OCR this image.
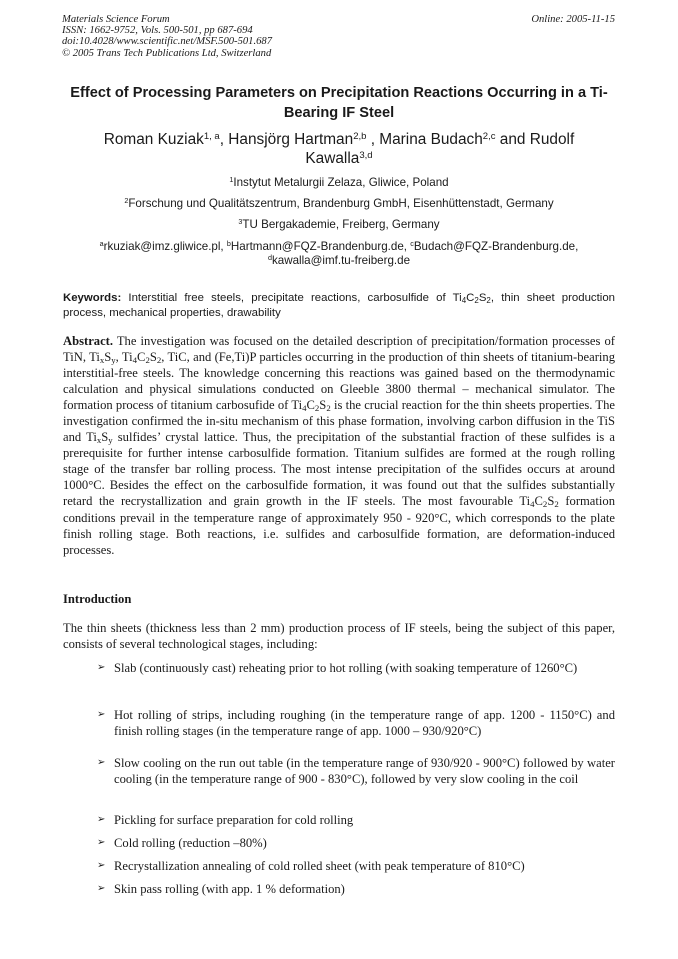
Materials Science Forum
ISSN: 1662-9752, Vols. 500-501, pp 687-694
doi:10.4028/www.scientific.net/MSF.500-501.687
© 2005 Trans Tech Publications Ltd, Switzerland
Online: 2005-11-15
Effect of Processing Parameters on Precipitation Reactions Occurring in a Ti-Bearing IF Steel
Roman Kuziak$^{1, a}$, Hansjörg Hartman$^{2,b}$ , Marina Budach$^{2,c}$ and Rudolf Kawalla$^{3,d}$
$^1$Instytut Metalurgii Zelaza, Gliwice, Poland
$^2$Forschung und Qualitätszentrum, Brandenburg GmbH, Eisenhüttenstadt, Germany
$^3$TU Bergakademie, Freiberg, Germany
$^a$rkuziak@imz.gliwice.pl, $^b$Hartmann@FQZ-Brandenburg.de, $^c$Budach@FQZ-Brandenburg.de,
$^d$kawalla@imf.tu-freiberg.de
Keywords: Interstitial free steels, precipitate reactions, carbosulfide of $Ti_4C_2S_2$, thin sheet production process, mechanical properties, drawability
Abstract. The investigation was focused on the detailed description of precipitation/formation processes of TiN, $Ti_xS_y$, $Ti_4C_2S_2$, TiC, and (Fe,Ti)P particles occurring in the production of thin sheets of titanium-bearing interstitial-free steels. The knowledge concerning this reactions was gained based on the thermodynamic calculation and physical simulations conducted on Gleeble 3800 thermal – mechanical simulator. The formation process of titanium carbosufide of $Ti_4C_2S_2$ is the crucial reaction for the thin sheets properties. The investigation confirmed the in-situ mechanism of this phase formation, involving carbon diffusion in the TiS and $Ti_xS_y$ sulfides’ crystal lattice. Thus, the precipitation of the substantial fraction of these sulfides is a prerequisite for further intense carbosulfide formation. Titanium sulfides are formed at the rough rolling stage of the transfer bar rolling process. The most intense precipitation of the sulfides occurs at around 1000°C. Besides the effect on the carbosulfide formation, it was found out that the sulfides substantially retard the recrystallization and grain growth in the IF steels. The most favourable $Ti_4C_2S_2$ formation conditions prevail in the temperature range of approximately 950 - 920°C, which corresponds to the plate finish rolling stage. Both reactions, i.e. sulfides and carbosulfide formation, are deformation-induced processes.
Introduction
The thin sheets (thickness less than 2 mm) production process of IF steels, being the subject of this paper, consists of several technological stages, including:
➢ Slab (continuously cast) reheating prior to hot rolling (with soaking temperature of 1260°C)
➢ Hot rolling of strips, including roughing (in the temperature range of app. 1200 - 1150°C) and finish rolling stages (in the temperature range of app. 1000 – 930/920°C)
➢ Slow cooling on the run out table (in the temperature range of 930/920 - 900°C) followed by water cooling (in the temperature range of 900 - 830°C), followed by very slow cooling in the coil
➢ Pickling for surface preparation for cold rolling
➢ Cold rolling (reduction –80%)
➢ Recrystallization annealing of cold rolled sheet (with peak temperature of 810°C)
➢ Skin pass rolling (with app. 1 % deformation)
